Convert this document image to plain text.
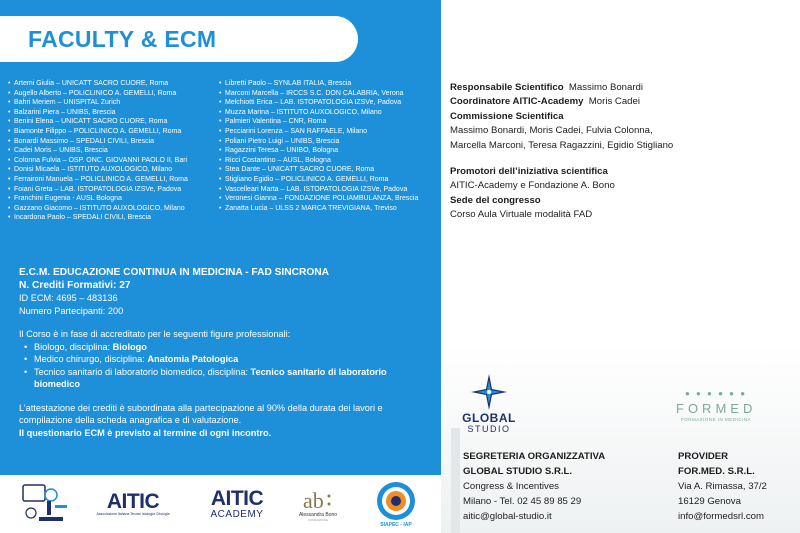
FACULTY & ECM
• Artemi Giulia – UNICATT SACRO CUORE, Roma
• Augello Alberto – POLICLINICO A. GEMELLI, Roma
• Bahri Meriem – UNISPITAL Zurich
• Balzarini Piera – UNIBS, Brescia
• Benini Elena – UNICATT SACRO CUORE, Roma
• Biamonte Filippo – POLICLINICO A. GEMELLI, Roma
• Bonardi Massimo – SPEDALI CIVILI, Brescia
• Cadei Moris – UNIBS, Brescia
• Colonna Fulvia – OSP. ONC. GIOVANNI PAOLO II, Bari
• Donisi Micaela – ISTITUTO AUXOLOGICO, Milano
• Ferraironi Manuela – POLICLINICO A. GEMELLI, Roma
• Foiani Greta – LAB. ISTOPATOLOGIA IZSVe, Padova
• Franchini Eugenia - AUSL Bologna
• Gazzano Giacomo – ISTITUTO AUXOLOGICO, Milano
• Incardona Paolo – SPEDALI CIVILI, Brescia
• Libretti Paolo – SYNLAB ITALIA, Brescia
• Marconi Marcella – IRCCS S.C. DON CALABRIA, Verona
• Melchiotti Erica – LAB. ISTOPATOLOGIA IZSVe, Padova
• Muzza Marina – ISTITUTO AUXOLOGICO, Milano
• Palmieri Valentina – CNR, Roma
• Pecciarini Lorenza – SAN RAFFAELE, Milano
• Poliani Pietro Luigi – UNIBS, Brescia
• Ragazzini Teresa – UNIBO, Bologna
• Ricci Costantino – AUSL, Bologna
• Stea Dante – UNICATT SACRO CUORE, Roma
• Stigliano Egidio – POLICLINICO A. GEMELLI, Roma
• Vascelleari Marta – LAB. ISTOPATOLOGIA IZSVe, Padova
• Veronesi Gianna – FONDAZIONE POLIAMBULANZA, Brescia
• Zanatta Lucia – ULSS 2 MARCA TREVIGIANA, Treviso
E.C.M. EDUCAZIONE CONTINUA IN MEDICINA - FAD SINCRONA
N. Crediti Formativi: 27
ID ECM: 4695 – 483136
Numero Partecipanti: 200
Il Corso è in fase di accreditato per le seguenti figure professionali:
• Biologo, disciplina: Biologo
• Medico chirurgo, disciplina: Anatomia Patologica
• Tecnico sanitario di laboratorio biomedico, disciplina: Tecnico sanitario di laboratorio biomedico
L’attestazione dei crediti è subordinata alla partecipazione al 90% della durata dei lavori e compilazione della scheda anagrafica e di valutazione.
Il questionario ECM è previsto al termine di ogni incontro.
Responsabile Scientifico Massimo Bonardi
Coordinatore AITIC-Academy Moris Cadei
Commissione Scientifica
Massimo Bonardi, Moris Cadei, Fulvia Colonna,
Marcella Marconi, Teresa Ragazzini, Egidio Stigliano
Promotori dell’iniziativa scientifica
AITIC-Academy e Fondazione A. Bono
Sede del congresso
Corso Aula Virtuale modalità FAD
GLOBAL
STUDIO
● ● ● ● ● ●
FORMED
FORMAZIONE IN MEDICINA
SEGRETERIA ORGANIZZATIVA
GLOBAL STUDIO S.R.L.
Congress & Incentives
Milano - Tel. 02 45 89 85 29
aitic@global-studio.it
PROVIDER
FOR.MED. S.R.L.
Via A. Rimassa, 37/2
16129 Genova
info@formedsrl.com
AITIC
Associazione Italiana Tecnici Istologia Citologia
AITIC
ACADEMY
ab
Alessandra Bono
FONDAZIONE
SIAPEC - IAP
